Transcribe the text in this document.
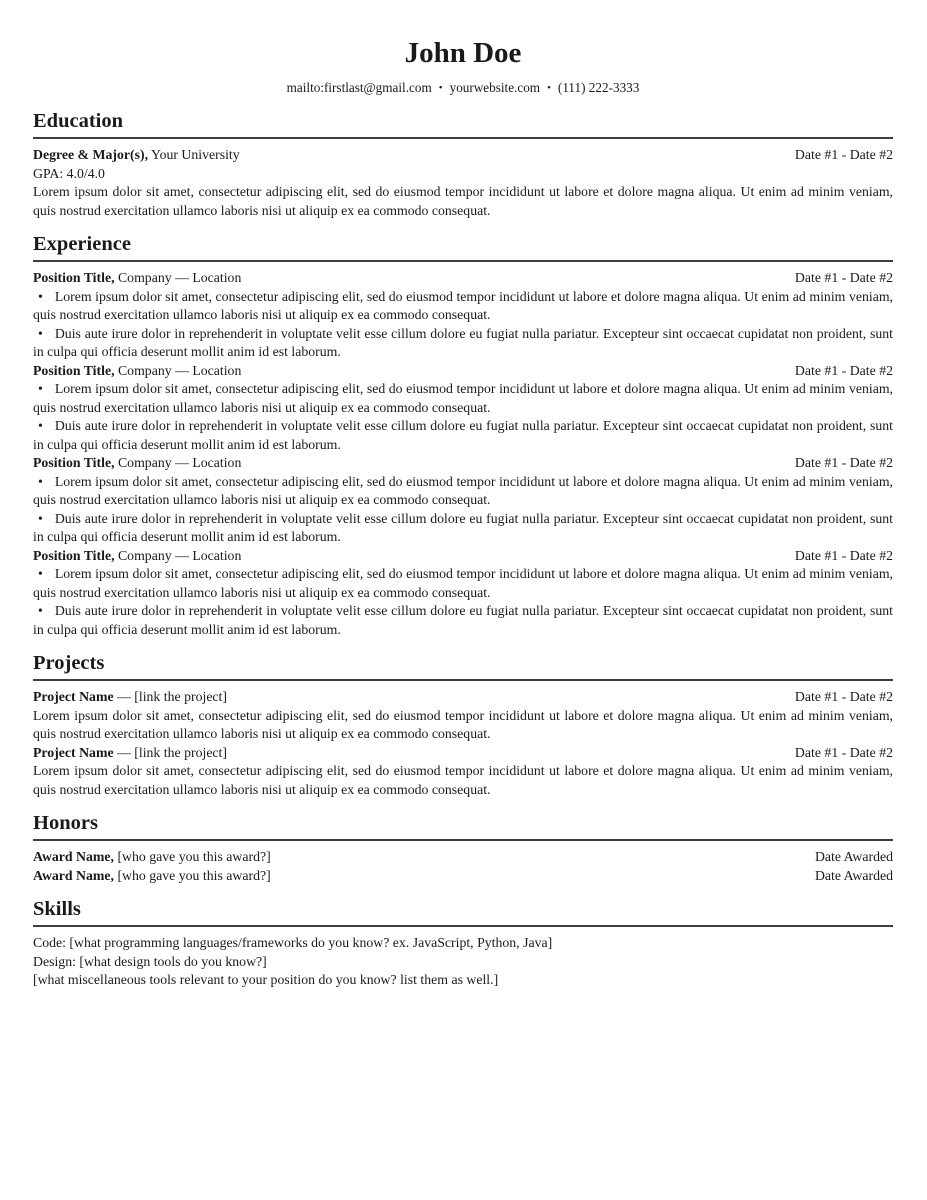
John Doe
mailto:firstlast@gmail.com • yourwebsite.com • (111) 222-3333
Education
Degree & Major(s), Your University	Date #1 - Date #2

GPA: 4.0/4.0

Lorem ipsum dolor sit amet, consectetur adipiscing elit, sed do eiusmod tempor incididunt ut labore et dolore magna aliqua. Ut enim ad minim veniam, quis nostrud exercitation ullamco laboris nisi ut aliquip ex ea commodo consequat.

Experience
Position Title, Company — Location	Date #1 - Date #2

• Lorem ipsum dolor sit amet, consectetur adipiscing elit, sed do eiusmod tempor incididunt ut labore et dolore magna aliqua. Ut enim ad minim veniam, quis nostrud exercitation ullamco laboris nisi ut aliquip ex ea commodo consequat.

• Duis aute irure dolor in reprehenderit in voluptate velit esse cillum dolore eu fugiat nulla pariatur. Excepteur sint occaecat cupidatat non proident, sunt in culpa qui officia deserunt mollit anim id est laborum.

Position Title, Company — Location	Date #1 - Date #2

• Lorem ipsum dolor sit amet, consectetur adipiscing elit, sed do eiusmod tempor incididunt ut labore et dolore magna aliqua. Ut enim ad minim veniam, quis nostrud exercitation ullamco laboris nisi ut aliquip ex ea commodo consequat.

• Duis aute irure dolor in reprehenderit in voluptate velit esse cillum dolore eu fugiat nulla pariatur. Excepteur sint occaecat cupidatat non proident, sunt in culpa qui officia deserunt mollit anim id est laborum.

Position Title, Company — Location	Date #1 - Date #2

• Lorem ipsum dolor sit amet, consectetur adipiscing elit, sed do eiusmod tempor incididunt ut labore et dolore magna aliqua. Ut enim ad minim veniam, quis nostrud exercitation ullamco laboris nisi ut aliquip ex ea commodo consequat.

• Duis aute irure dolor in reprehenderit in voluptate velit esse cillum dolore eu fugiat nulla pariatur. Excepteur sint occaecat cupidatat non proident, sunt in culpa qui officia deserunt mollit anim id est laborum.

Position Title, Company — Location	Date #1 - Date #2

• Lorem ipsum dolor sit amet, consectetur adipiscing elit, sed do eiusmod tempor incididunt ut labore et dolore magna aliqua. Ut enim ad minim veniam, quis nostrud exercitation ullamco laboris nisi ut aliquip ex ea commodo consequat.

• Duis aute irure dolor in reprehenderit in voluptate velit esse cillum dolore eu fugiat nulla pariatur. Excepteur sint occaecat cupidatat non proident, sunt in culpa qui officia deserunt mollit anim id est laborum.

Projects
Project Name — [link the project]	Date #1 - Date #2

Lorem ipsum dolor sit amet, consectetur adipiscing elit, sed do eiusmod tempor incididunt ut labore et dolore magna aliqua. Ut enim ad minim veniam, quis nostrud exercitation ullamco laboris nisi ut aliquip ex ea commodo consequat.

Project Name — [link the project]	Date #1 - Date #2

Lorem ipsum dolor sit amet, consectetur adipiscing elit, sed do eiusmod tempor incididunt ut labore et dolore magna aliqua. Ut enim ad minim veniam, quis nostrud exercitation ullamco laboris nisi ut aliquip ex ea commodo consequat.

Honors
Award Name, [who gave you this award?]	Date Awarded
Award Name, [who gave you this award?]	Date Awarded
Skills

Code: [what programming languages/frameworks do you know? ex. JavaScript, Python, Java]

Design: [what design tools do you know?]

[what miscellaneous tools relevant to your position do you know? list them as well.]
